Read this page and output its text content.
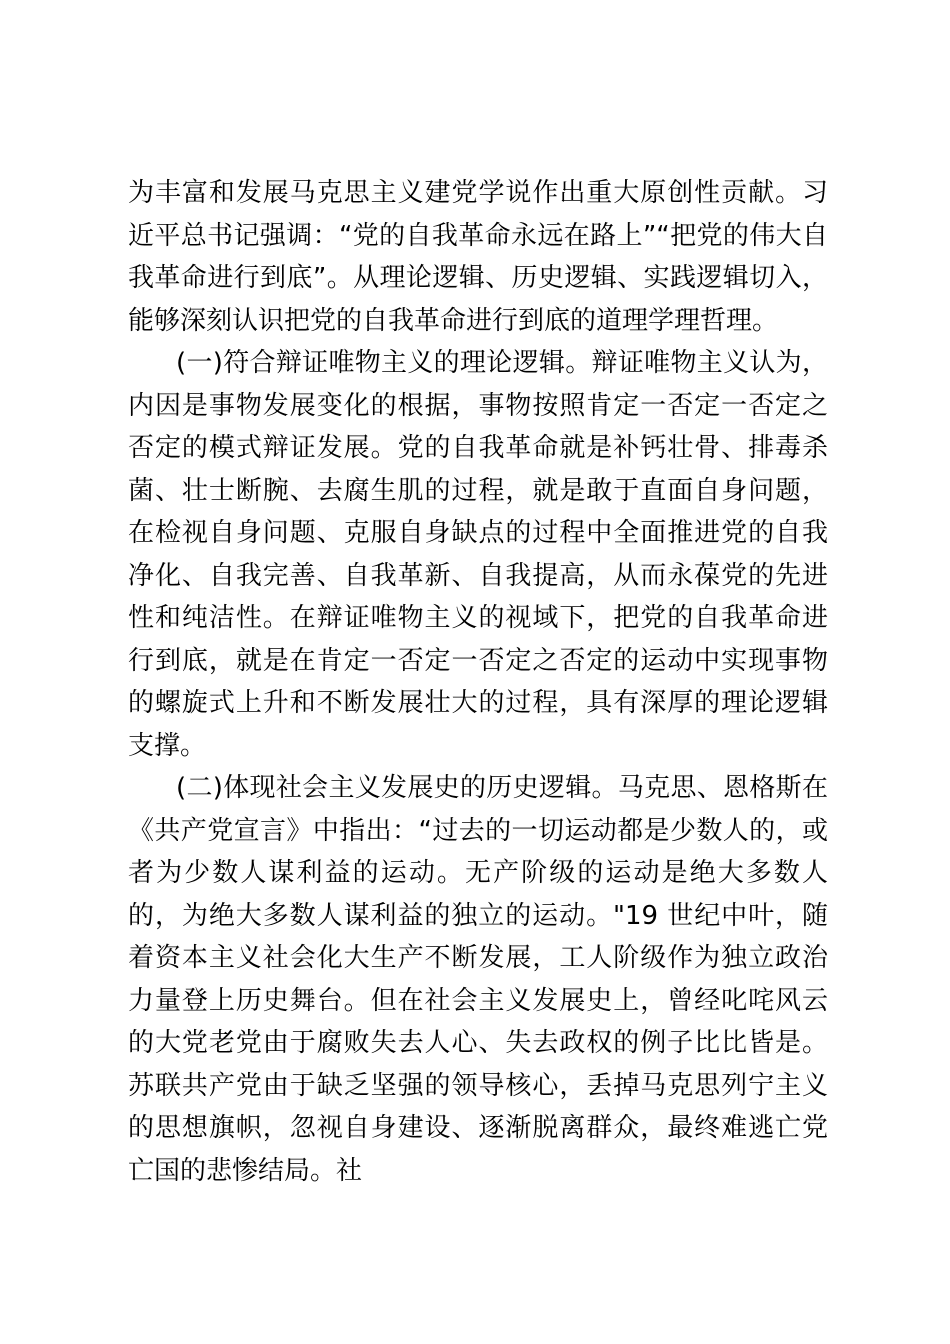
为丰富和发展马克思主义建党学说作出重大原创性贡献。习近平总书记强调：“党的自我革命永远在路上”“把党的伟大自我革命进行到底”。从理论逻辑、历史逻辑、实践逻辑切入，能够深刻认识把党的自我革命进行到底的道理学理哲理。

(一)符合辩证唯物主义的理论逻辑。辩证唯物主义认为，内因是事物发展变化的根据，事物按照肯定一否定一否定之否定的模式辩证发展。党的自我革命就是补钙壮骨、排毒杀菌、壮士断腕、去腐生肌的过程，就是敢于直面自身问题，在检视自身问题、克服自身缺点的过程中全面推进党的自我净化、自我完善、自我革新、自我提高，从而永葆党的先进性和纯洁性。在辩证唯物主义的视域下，把党的自我革命进行到底，就是在肯定一否定一否定之否定的运动中实现事物的螺旋式上升和不断发展壮大的过程，具有深厚的理论逻辑支撑。

(二)体现社会主义发展史的历史逻辑。马克思、恩格斯在《共产党宣言》中指出：“过去的一切运动都是少数人的，或者为少数人谋利益的运动。无产阶级的运动是绝大多数人的，为绝大多数人谋利益的独立的运动。"19 世纪中叶，随着资本主义社会化大生产不断发展，工人阶级作为独立政治力量登上历史舞台。但在社会主义发展史上，曾经叱咤风云的大党老党由于腐败失去人心、失去政权的例子比比皆是。苏联共产党由于缺乏坚强的领导核心，丢掉马克思列宁主义的思想旗帜，忽视自身建设、逐渐脱离群众，最终难逃亡党亡国的悲惨结局。社
